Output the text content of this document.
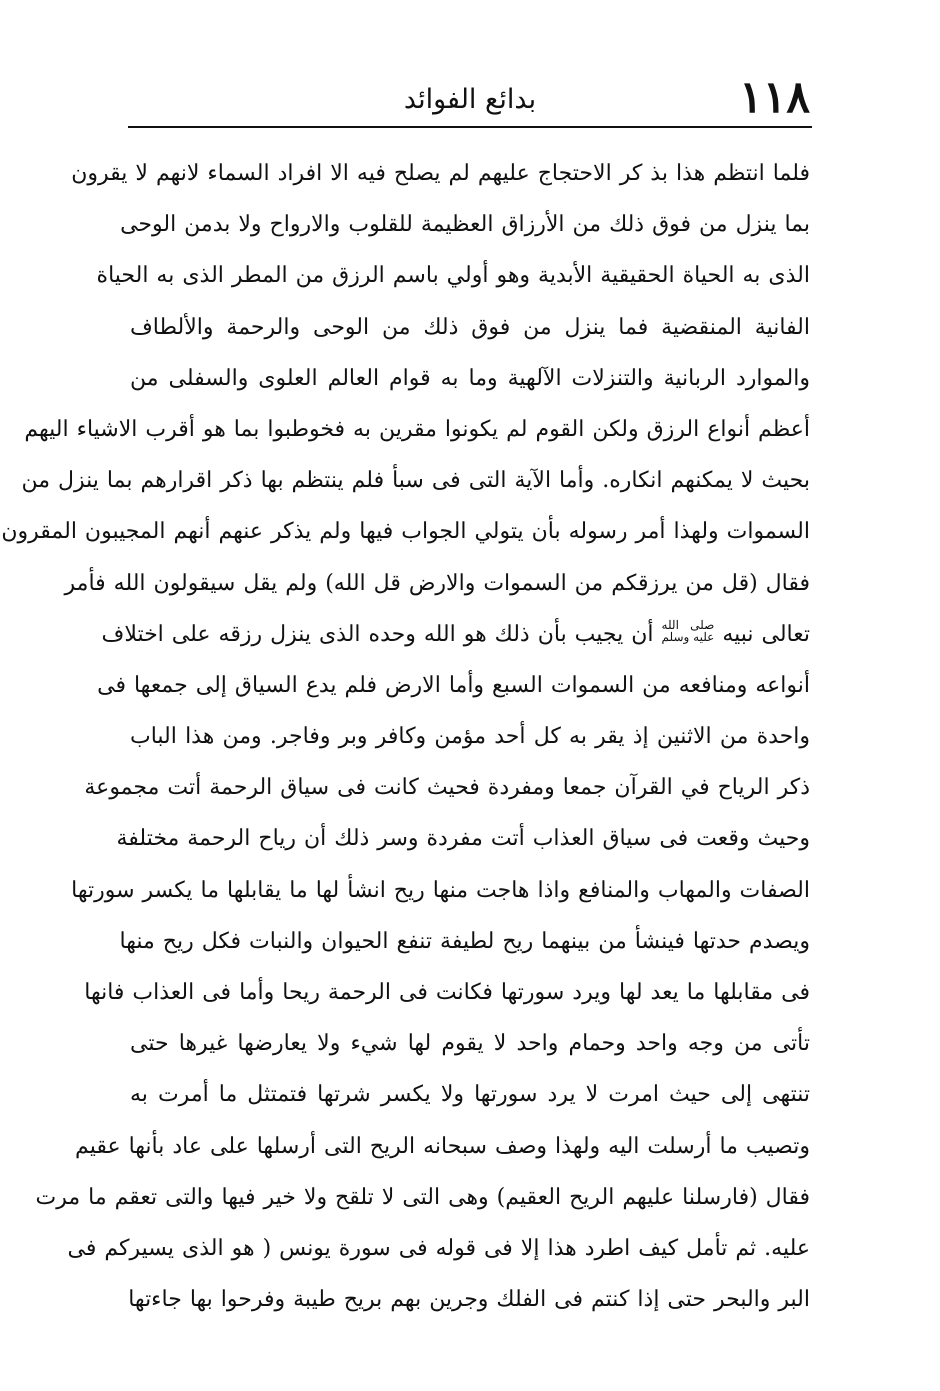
١١٨
بدائع الفوائد
فلما انتظم هذا بذ كر الاحتجاج عليهم لم يصلح فيه الا افراد السماء لانهم لا يقرون
بما ينزل من فوق ذلك من الأرزاق العظيمة للقلوب والارواح ولا بدمن الوحى
الذى به الحياة الحقيقية الأبدية وهو أولي باسم الرزق من المطر الذى به الحياة
الفانية المنقضية فما ينزل من فوق ذلك من الوحى والرحمة والألطاف
والموارد الربانية والتنزلات الآلهية وما به قوام العالم العلوى والسفلى من
أعظم أنواع الرزق ولكن القوم لم يكونوا مقرين به فخوطبوا بما هو أقرب الاشياء اليهم
بحيث لا يمكنهم انكاره. وأما الآية التى فى سبأ فلم ينتظم بها ذكر اقرارهم بما ينزل من
السموات ولهذا أمر رسوله بأن يتولي الجواب فيها ولم يذكر عنهم أنهم المجيبون المقرون
فقال (قل من يرزقكم من السموات والارض قل الله) ولم يقل سيقولون الله فأمر
تعالى نبيه صلى الله
عليه وسلم أن يجيب بأن ذلك هو الله وحده الذى ينزل رزقه على اختلاف
أنواعه ومنافعه من السموات السبع وأما الارض فلم يدع السياق إلى جمعها فى
واحدة من الاثنين إذ يقر به كل أحد مؤمن وكافر وبر وفاجر. ومن هذا الباب
ذكر الرياح في القرآن جمعا ومفردة فحيث كانت فى سياق الرحمة أتت مجموعة
وحيث وقعت فى سياق العذاب أتت مفردة وسر ذلك أن رياح الرحمة مختلفة
الصفات والمهاب والمنافع واذا هاجت منها ريح انشأ لها ما يقابلها ما يكسر سورتها
ويصدم حدتها فينشأ من بينهما ريح لطيفة تنفع الحيوان والنبات فكل ريح منها
فى مقابلها ما يعد لها ويرد سورتها فكانت فى الرحمة ريحا وأما فى العذاب فانها
تأتى من وجه واحد وحمام واحد لا يقوم لها شيء ولا يعارضها غيرها حتى
تنتهى إلى حيث امرت لا يرد سورتها ولا يكسر شرتها فتمتثل ما أمرت به
وتصيب ما أرسلت اليه ولهذا وصف سبحانه الريح التى أرسلها على عاد بأنها عقيم
فقال (فارسلنا عليهم الريح العقيم) وهى التى لا تلقح ولا خير فيها والتى تعقم ما مرت
عليه. ثم تأمل كيف اطرد هذا إلا فى قوله فى سورة يونس ( هو الذى يسيركم فى
البر والبحر حتى إذا كنتم فى الفلك وجرين بهم بريح طيبة وفرحوا بها جاءتها
